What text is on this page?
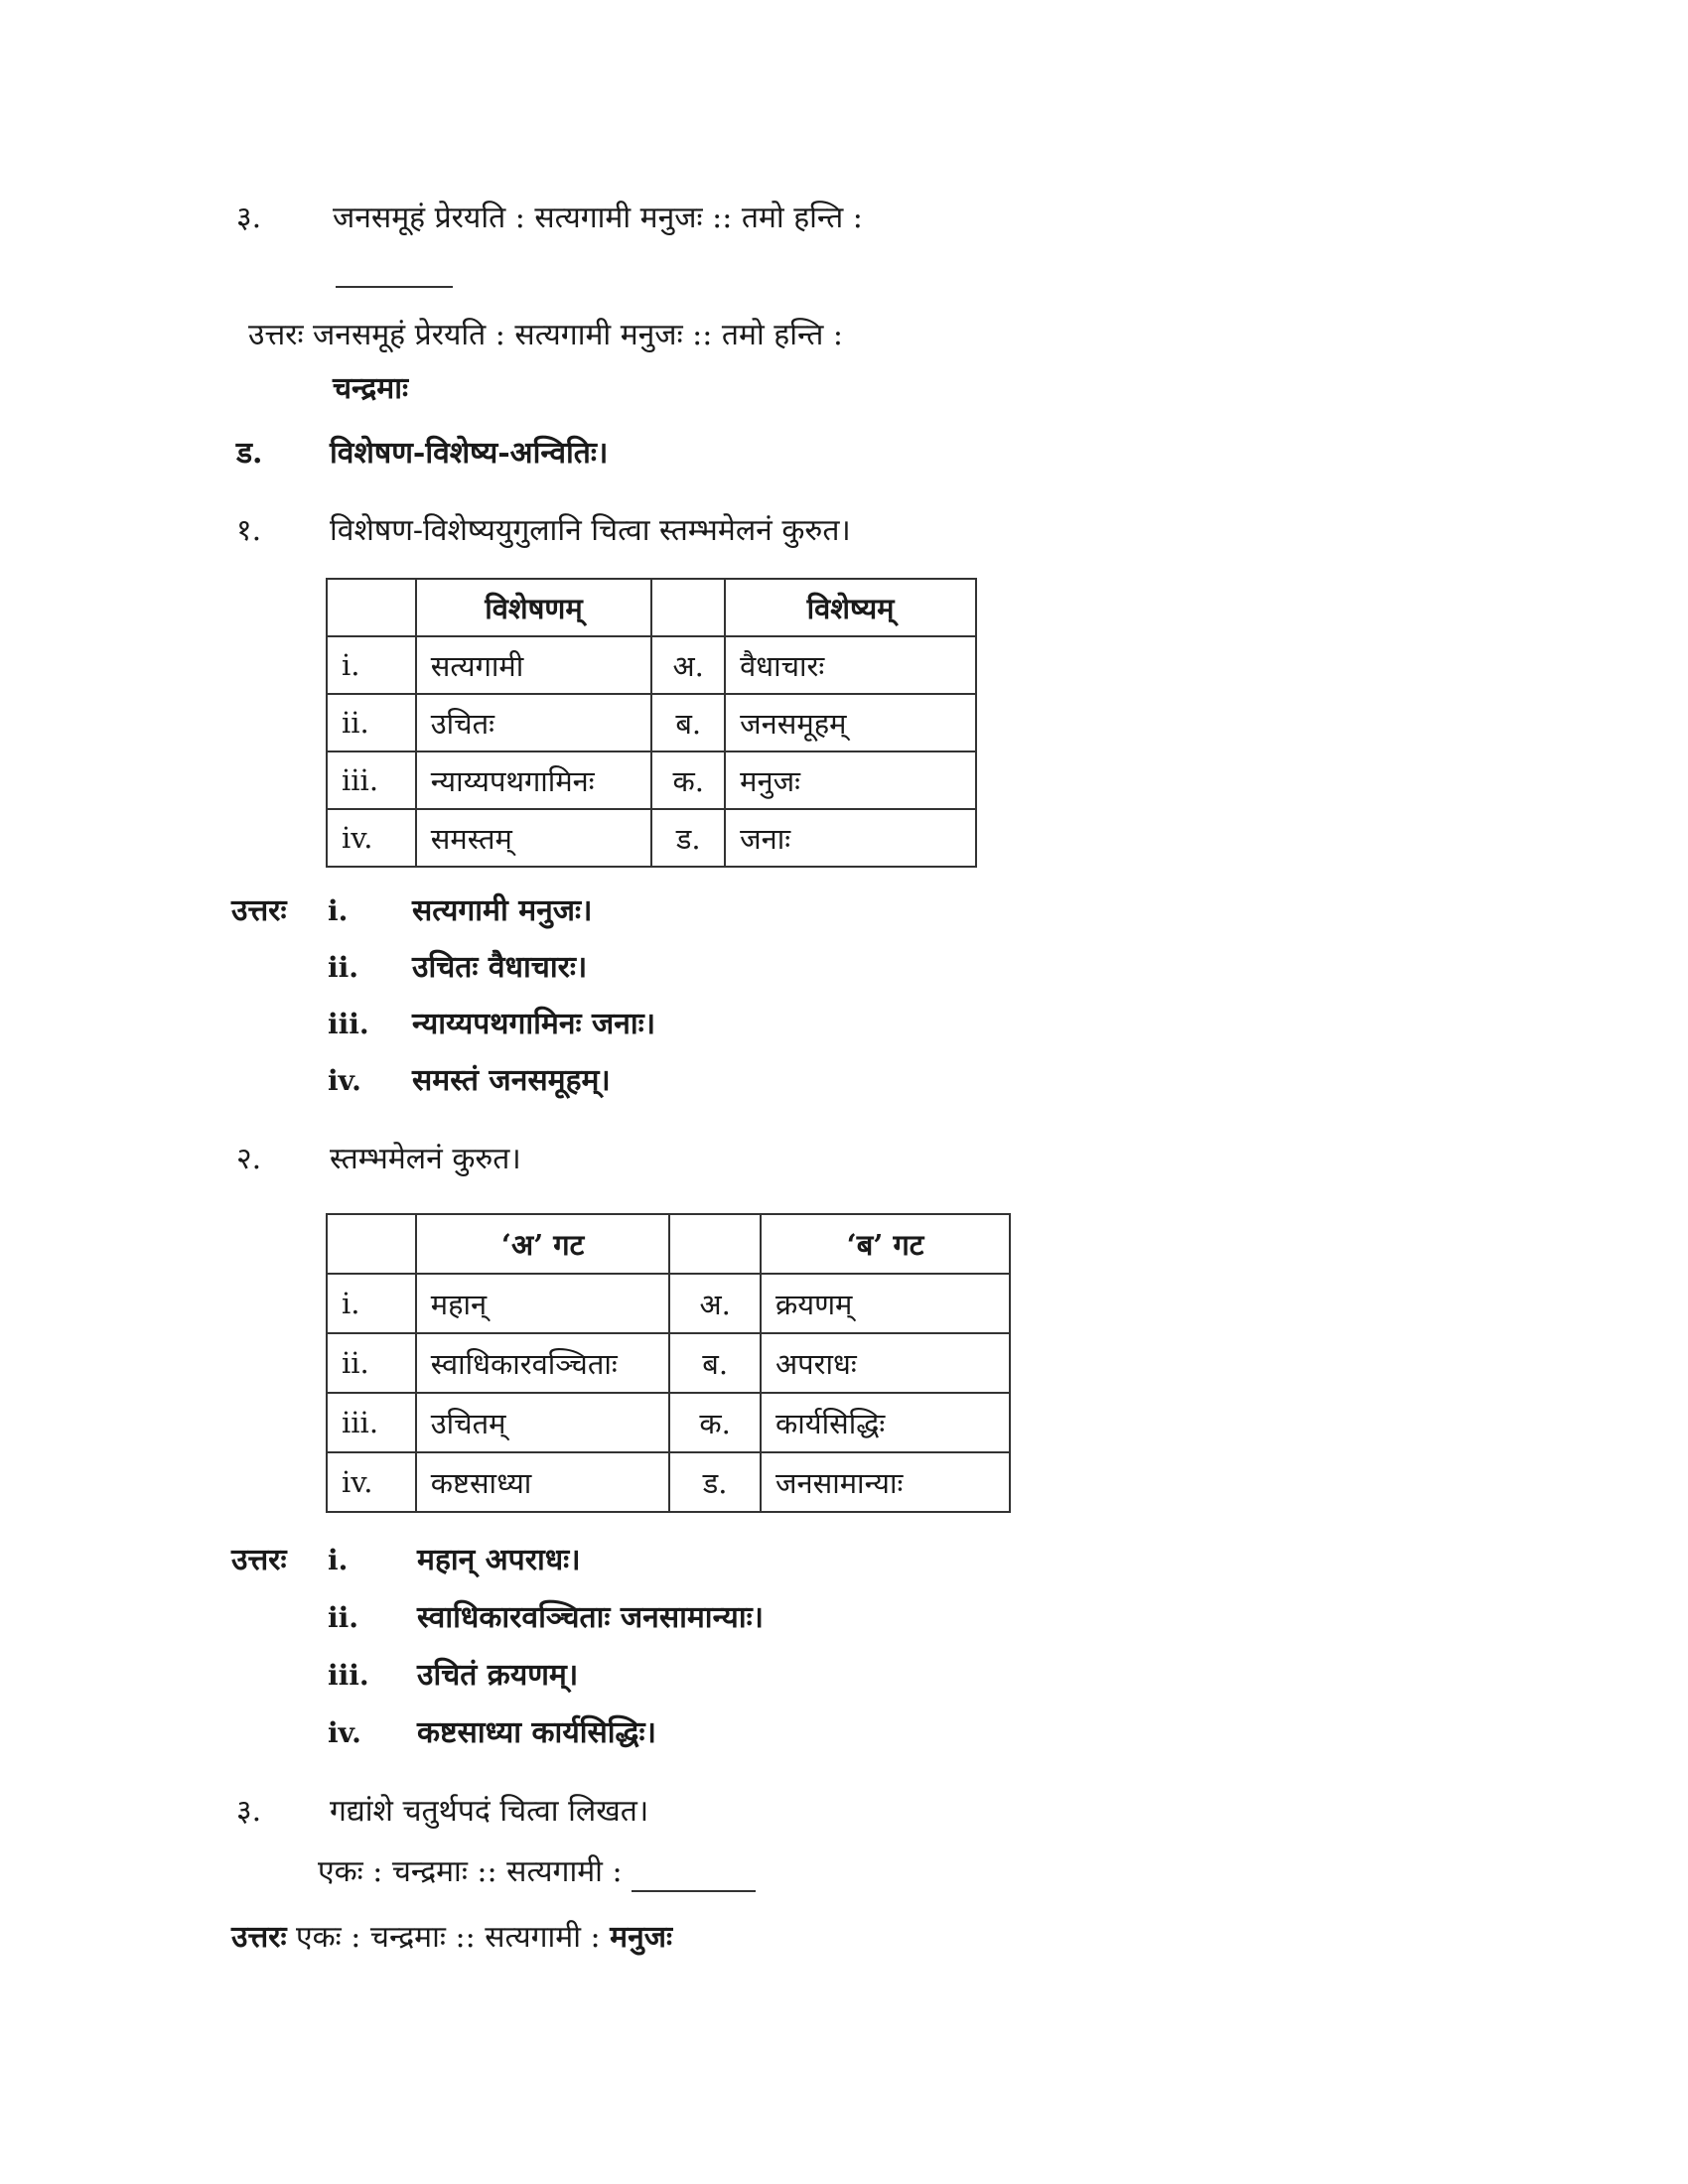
३. जनसमूहं प्रेरयति : सत्यगामी मनुजः :: तमो हन्ति :
उत्तरः जनसमूहं प्रेरयति : सत्यगामी मनुजः :: तमो हन्ति :
चन्द्रमाः
ड. विशेषण-विशेष्य-अन्वितिः।
१. विशेषण-विशेष्ययुगुलानि चित्वा स्तम्भमेलनं कुरुत।
	विशेषणम्		विशेष्यम्
i.	सत्यगामी	अ.	वैधाचारः
ii.	उचितः	ब.	जनसमूहम्
iii.	न्याय्यपथगामिनः	क.	मनुजः
iv.	समस्तम्	ड.	जनाः
उत्तरः i. सत्यगामी मनुजः।
ii. उचितः वैधाचारः।
iii. न्याय्यपथगामिनः जनाः।
iv. समस्तं जनसमूहम्।
२. स्तम्भमेलनं कुरुत।
	‘अ’ गट		‘ब’ गट
i.	महान्	अ.	क्रयणम्
ii.	स्वाधिकारवञ्चिताः	ब.	अपराधः
iii.	उचितम्	क.	कार्यसिद्धिः
iv.	कष्टसाध्या	ड.	जनसामान्याः
उत्तरः i. महान् अपराधः।
ii. स्वाधिकारवञ्चिताः जनसामान्याः।
iii. उचितं क्रयणम्।
iv. कष्टसाध्या कार्यसिद्धिः।
३. गद्यांशे चतुर्थपदं चित्वा लिखत।
एकः : चन्द्रमाः :: सत्यगामी :
उत्तरः एकः : चन्द्रमाः :: सत्यगामी : मनुजः
